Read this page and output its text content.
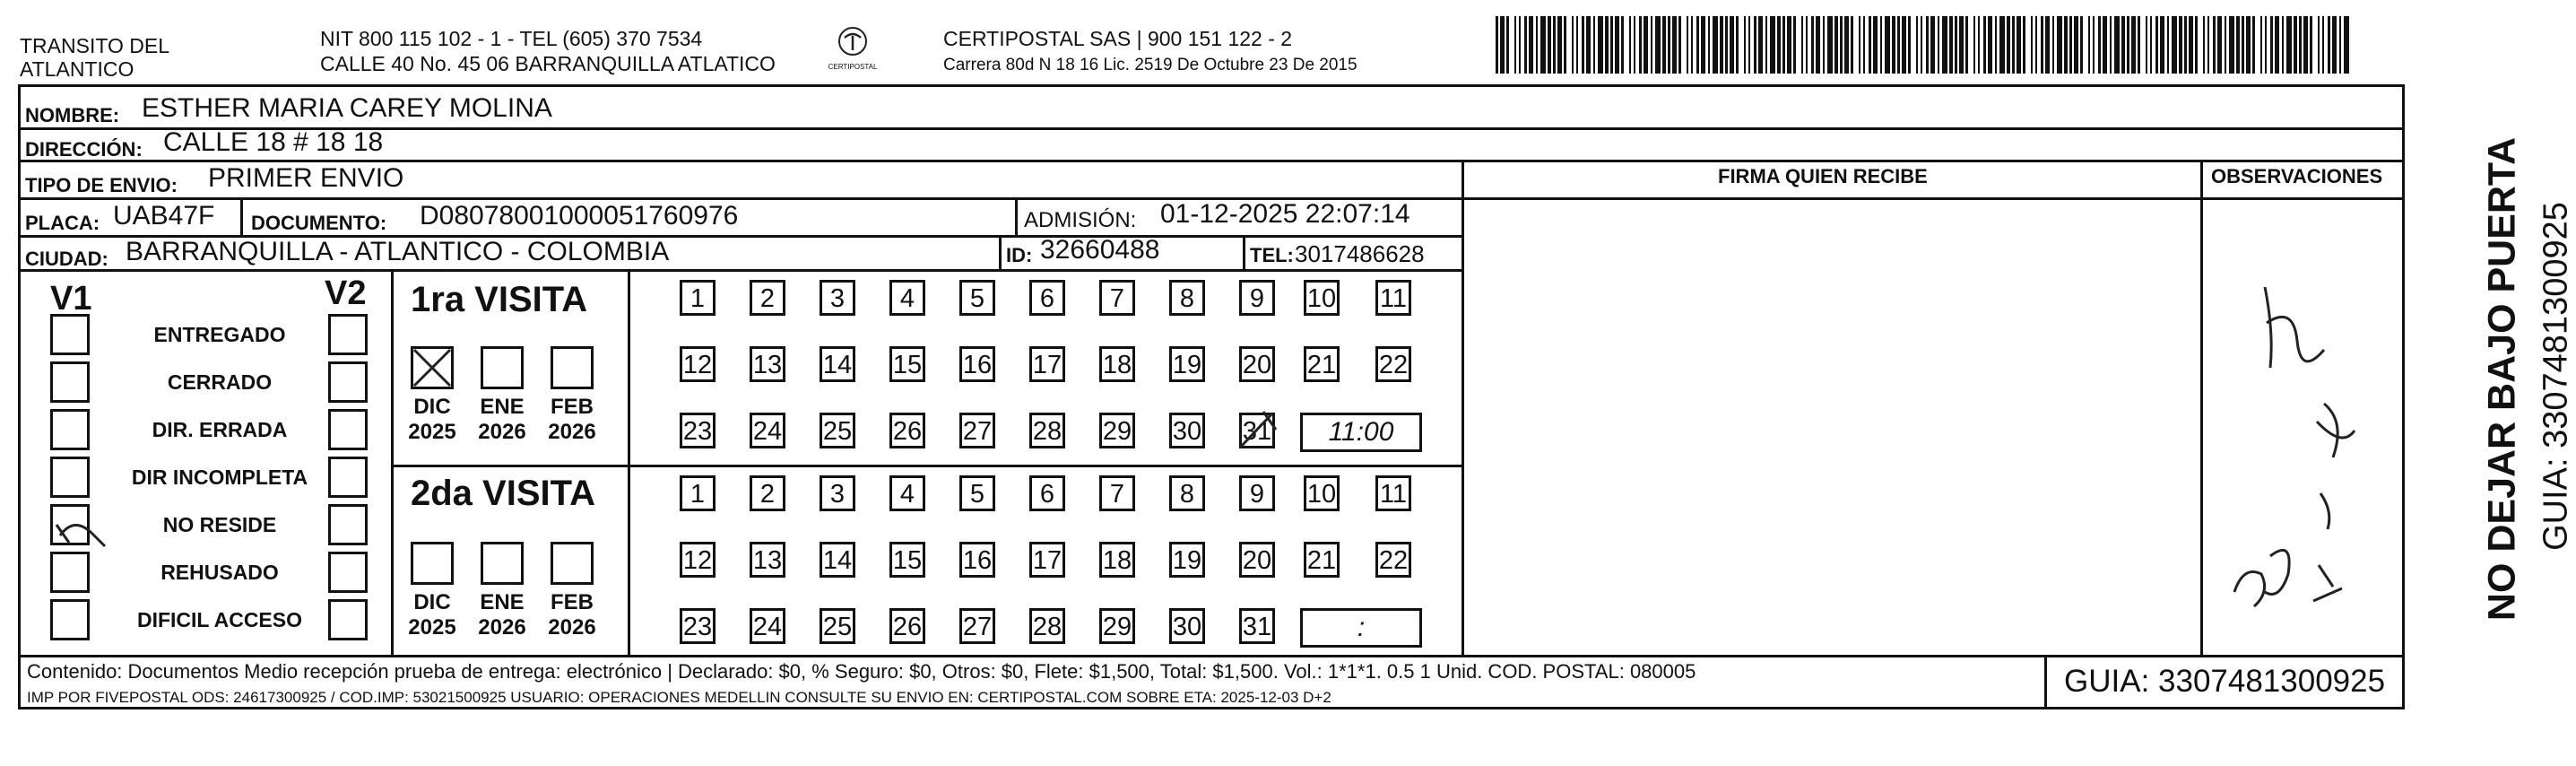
TRANSITO DEL
ATLANTICO
NIT 800 115 102 - 1 - TEL (605) 370 7534
CALLE 40 No. 45 06 BARRANQUILLA ATLATICO	CERTIPOSTAL
CERTIPOSTAL SAS | 900 151 122 - 2
Carrera 80d N 18 16 Lic. 2519 De Octubre 23 De 2015
NOMBRE: ESTHER MARIA CAREY MOLINA
DIRECCIÓN: CALLE 18 # 18 18
TIPO DE ENVIO: PRIMER ENVIO	FIRMA QUIEN RECIBE	OBSERVACIONES
PLACA: UAB47F DOCUMENTO: D08078001000051760976	ADMISIÓN: 01-12-2025 22:07:14
CIUDAD: BARRANQUILLA - ATLANTICO - COLOMBIA	ID: 32660488	TEL: 3017486628
V1	V2
ENTREGADO
CERRADO
DIR. ERRADA
DIR INCOMPLETA
NO RESIDE
REHUSADO
DIFICIL ACCESO
1ra VISITA
2da VISITA
DIC
2025
ENE
2026
FEB
2026
1	2	3	4	5	6	7	8	9	10 11
12 13 14 15 16 17 18 19 20 21 22
23 24 25 26 27 28 29 30 31	11:00
DIC
2025
ENE
2026
FEB
2026
1	2	3	4	5	6	7	8	9	10 11
12 13 14 15 16 17 18 19 20 21 22
23 24 25 26 27 28 29 30 31	:
Contenido: Documentos Medio recepción prueba de entrega: electrónico | Declarado: $0, % Seguro: $0, Otros: $0, Flete: $1,500, Total: $1,500. Vol.: 1*1*1. 0.5 1 Unid. COD. POSTAL: 080005
IMP POR FIVEPOSTAL ODS: 24617300925 / COD.IMP: 53021500925 USUARIO: OPERACIONES MEDELLIN CONSULTE SU ENVIO EN: CERTIPOSTAL.COM SOBRE ETA: 2025-12-03 D+2	GUIA: 3307481300925
NO DEJAR BAJO PUERTA GUIA: 3307481300925
